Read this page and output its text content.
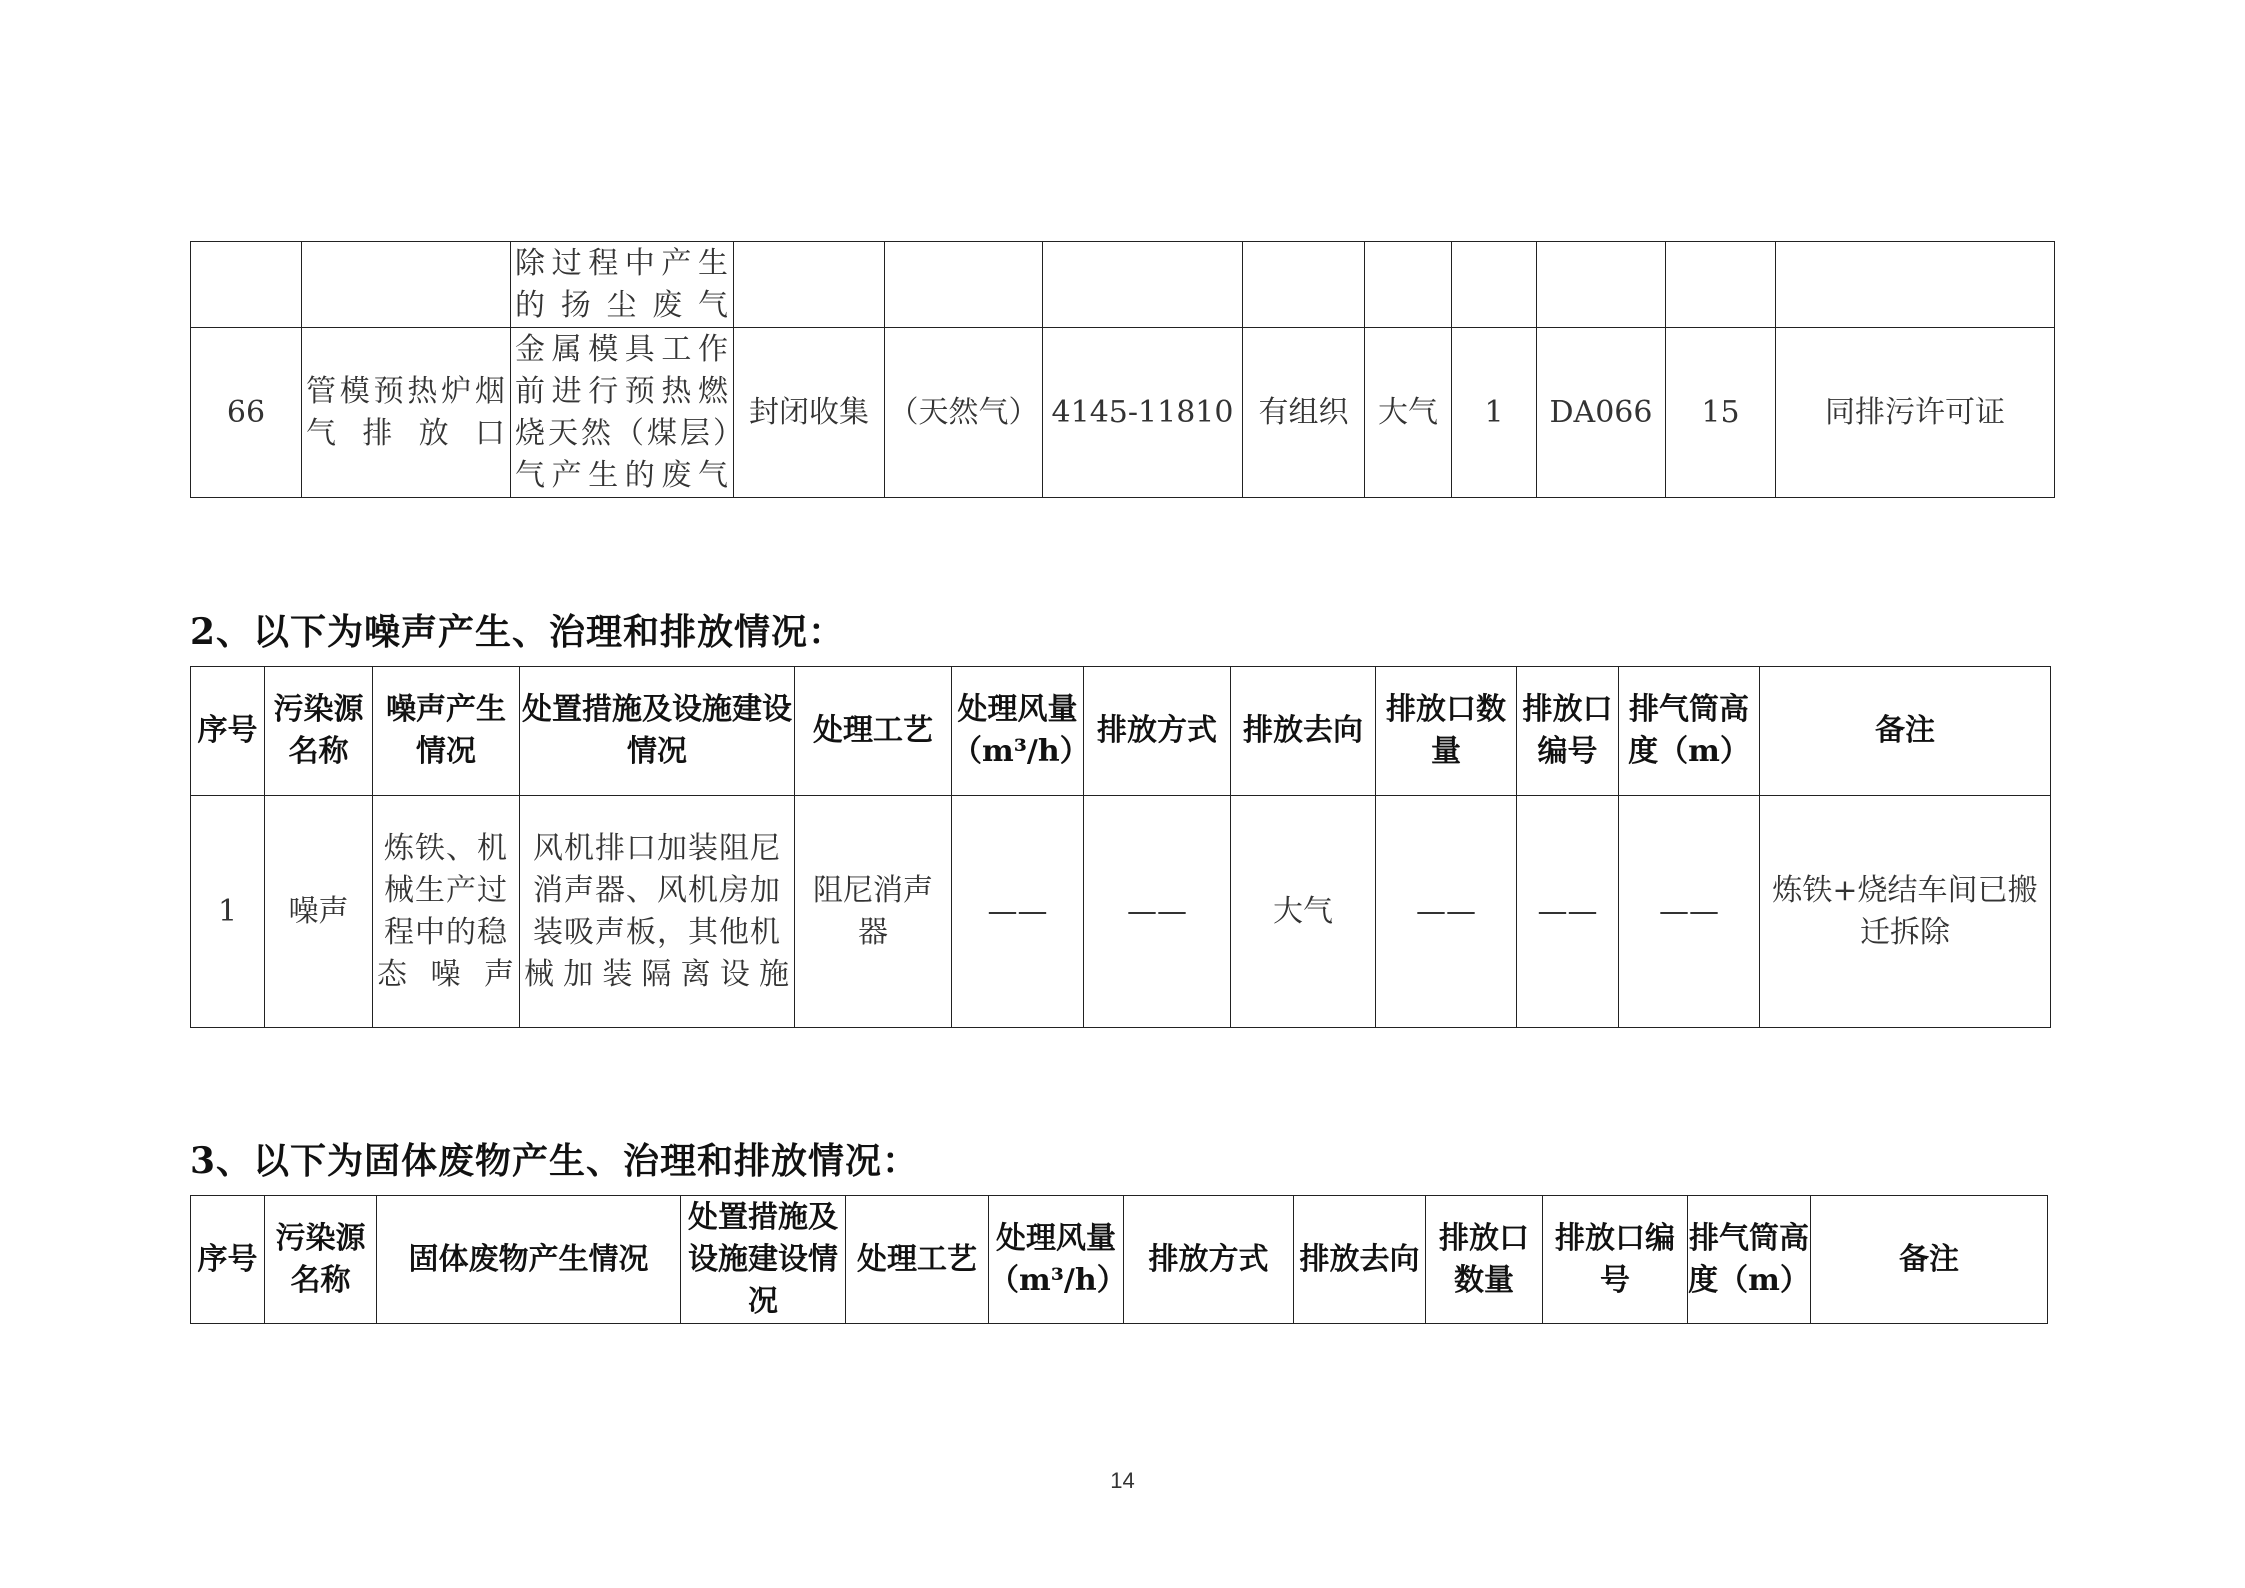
		除过程中产生的扬尘废气									
66	管模预热炉烟气排放口	金属模具工作前进行预热燃烧天然（煤层）气产生的废气	封闭收集	（天然气）	4145-11810	有组织	大气	1	DA066	15	同排污许可证
2、以下为噪声产生、治理和排放情况：
序号	污染源名称	噪声产生情况	处置措施及设施建设情况	处理工艺	处理风量（m³/h）	排放方式	排放去向	排放口数量	排放口编号	排气筒高度（m）	备注
1	噪声	炼铁、机械生产过程中的稳态噪声	风机排口加装阻尼消声器、风机房加装吸声板，其他机械加装隔离设施	阻尼消声器	——	——	大气	——	——	——	炼铁+烧结车间已搬迁拆除
3、以下为固体废物产生、治理和排放情况：
序号	污染源名称	固体废物产生情况	处置措施及设施建设情况	处理工艺	处理风量（m³/h）	排放方式	排放去向	排放口数量	排放口编号	排气筒高度（m）	备注
14
